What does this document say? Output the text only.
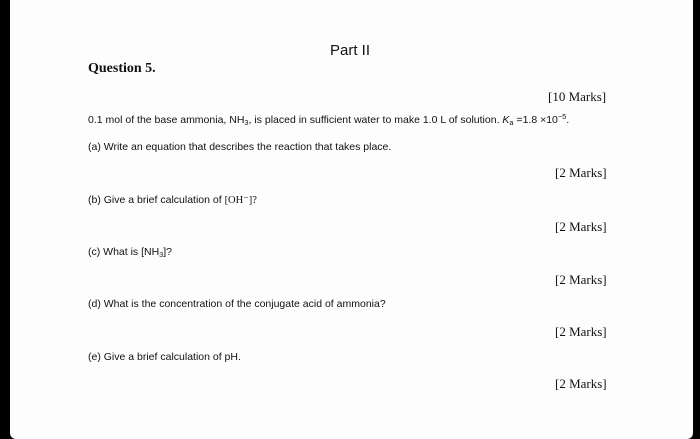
Part II
Question 5.
[10 Marks]
0.1 mol of the base ammonia, $NH_3$, is placed in sufficient water to make 1.0 L of solution. $K_a =1.8 \times 10^{-5}$.
(a) Write an equation that describes the reaction that takes place.
[2 Marks]
(b) Give a brief calculation of [OH⁻]?
[2 Marks]
(c) What is $[NH_3]$?
[2 Marks]
(d) What is the concentration of the conjugate acid of ammonia?
[2 Marks]
(e) Give a brief calculation of pH.
[2 Marks]
